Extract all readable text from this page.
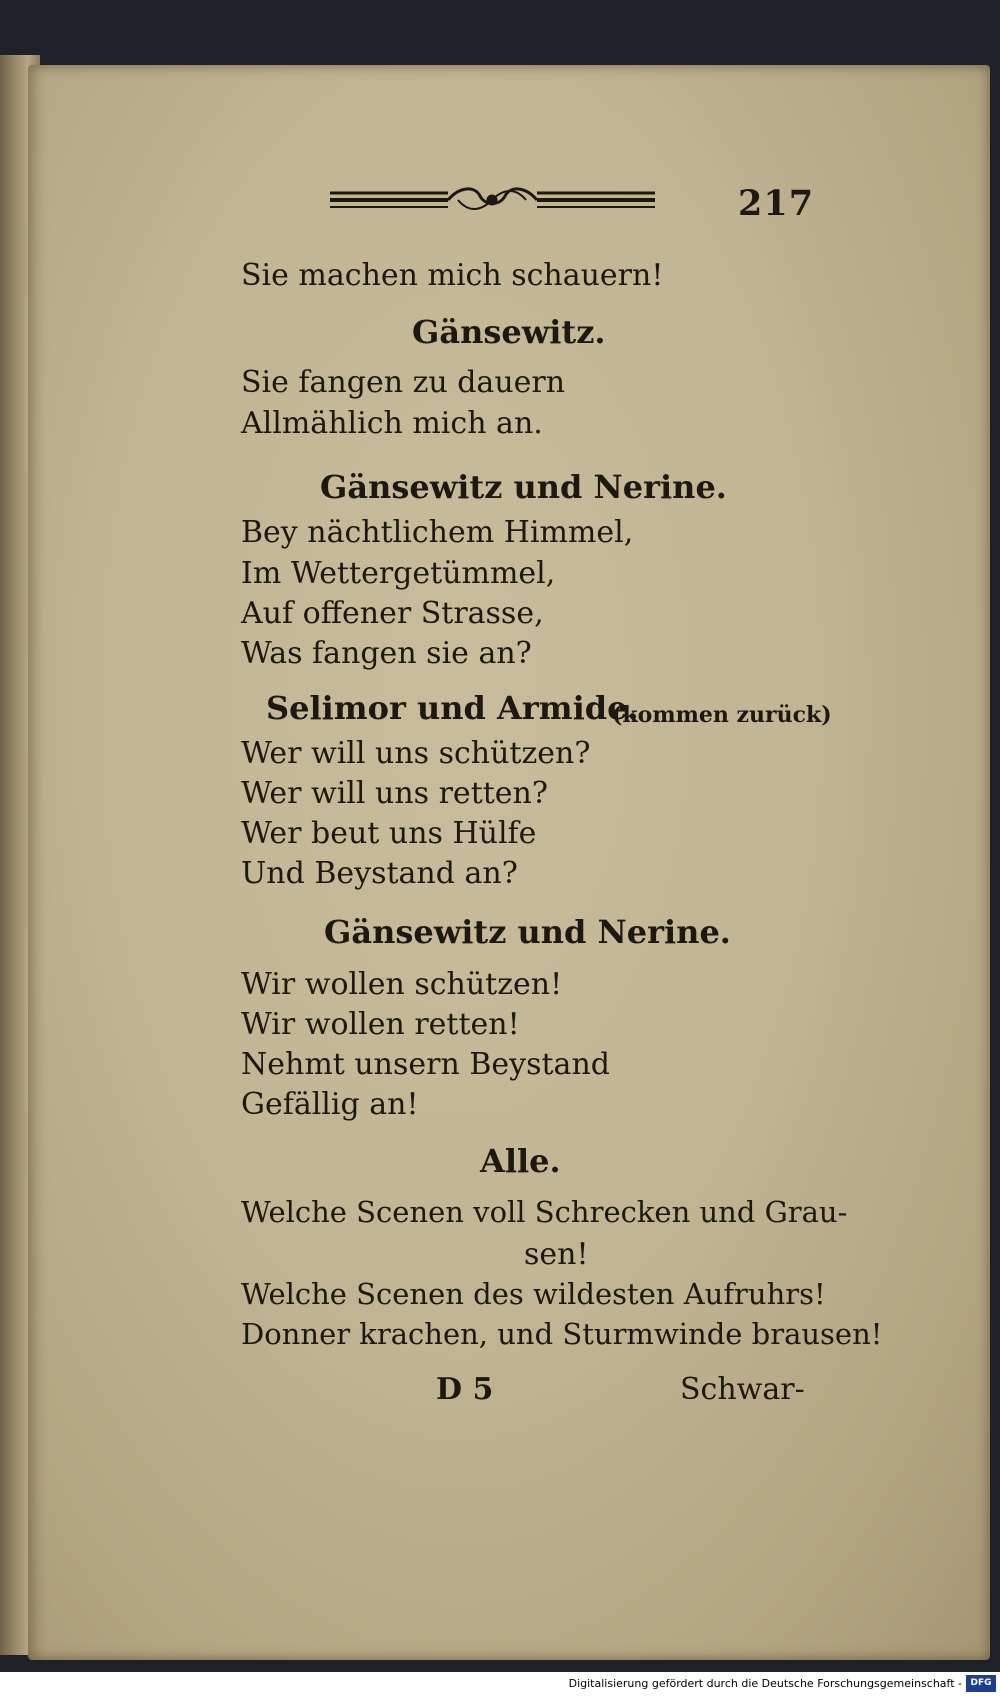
217
Sie machen mich schauern!
Gänsewitz.
Sie fangen zu dauern
Allmählich mich an.
Gänsewitz und Nerine.
Bey nächtlichem Himmel,
Im Wettergetümmel,
Auf offener Strasse,
Was fangen sie an?
Selimor und Armide.
(kommen zurück)
Wer will uns schützen?
Wer will uns retten?
Wer beut uns Hülfe
Und Beystand an?
Gänsewitz und Nerine.
Wir wollen schützen!
Wir wollen retten!
Nehmt unsern Beystand
Gefällig an!
Alle.
Welche Scenen voll Schrecken und Grau-
sen!
Welche Scenen des wildesten Aufruhrs!
Donner krachen, und Sturmwinde brausen!
D 5	Schwar-
Digitalisierung gefördert durch die Deutsche Forschungsgemeinschaft - DFG
